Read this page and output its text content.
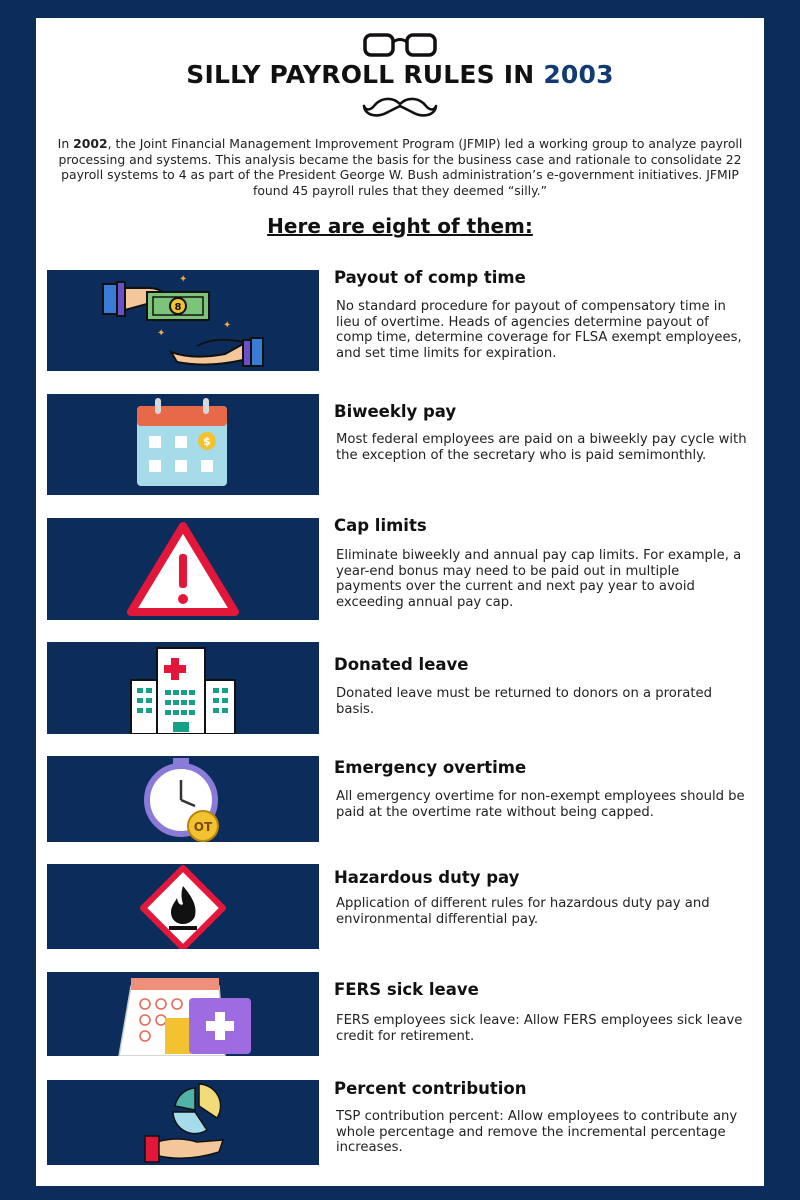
SILLY PAYROLL RULES IN 2003
In 2002, the Joint Financial Management Improvement Program (JFMIP) led a working group to analyze payroll processing and systems. This analysis became the basis for the business case and rationale to consolidate 22 payroll systems to 4 as part of the President George W. Bush administration’s e-government initiatives. JFMIP found 45 payroll rules that they deemed “silly.”
Here are eight of them:
8
✦
✦
✦
Payout of comp time
No standard procedure for payout of compensatory time in lieu of overtime. Heads of agencies determine payout of comp time, determine coverage for FLSA exempt employees, and set time limits for expiration.
$
Biweekly pay
Most federal employees are paid on a biweekly pay cycle with the exception of the secretary who is paid semimonthly.
Cap limits
Eliminate biweekly and annual pay cap limits. For example, a year-end bonus may need to be paid out in multiple payments over the current and next pay year to avoid exceeding annual pay cap.
Donated leave
Donated leave must be returned to donors on a prorated basis.
OT
Emergency overtime
All emergency overtime for non-exempt employees should be paid at the overtime rate without being capped.
Hazardous duty pay
Application of different rules for hazardous duty pay and environmental differential pay.
FERS sick leave
FERS employees sick leave: Allow FERS employees sick leave credit for retirement.
Percent contribution
TSP contribution percent: Allow employees to contribute any whole percentage and remove the incremental percentage increases.
